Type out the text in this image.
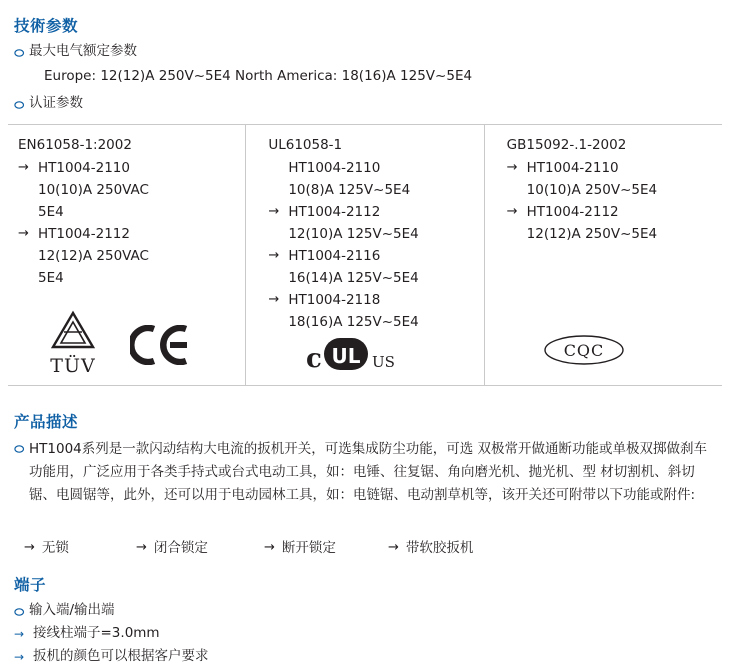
技術参数
最大电气额定参数
Europe: 12(12)A 250V~5E4 North America: 18(16)A 125V~5E4
认证参数
EN61058-1:2002
→ HT1004-2110
10(10)A 250VAC
5E4
→ HT1004-2112
12(12)A 250VAC
5E4
TÜV
UL61058-1
HT1004-2110
10(8)A 125V~5E4
→ HT1004-2112
12(10)A 125V~5E4
→ HT1004-2116
16(14)A 125V~5E4
→ HT1004-2118
18(16)A 125V~5E4
c UL US
GB15092-.1-2002
→ HT1004-2110
10(10)A 250V~5E4
→ HT1004-2112
12(12)A 250V~5E4
CQC
产品描述
HT1004系列是一款闪动结构大电流的扳机开关，可选集成防尘功能，可选 双极常开做通断功能或单极双掷做刹车功能用，广泛应用于各类手持式或台式电动工具，如：电锤、往复锯、角向磨光机、抛光机、型 材切割机、斜切锯、电圆锯等，此外，还可以用于电动园林工具，如：电链锯、电动割草机等，该开关还可附带以下功能或附件:
→ 无锁	→ 闭合锁定	→ 断开锁定	→ 带软胶扳机
端子
输入端/输出端
→ 接线柱端子=3.0mm
→ 扳机的颜色可以根据客户要求
